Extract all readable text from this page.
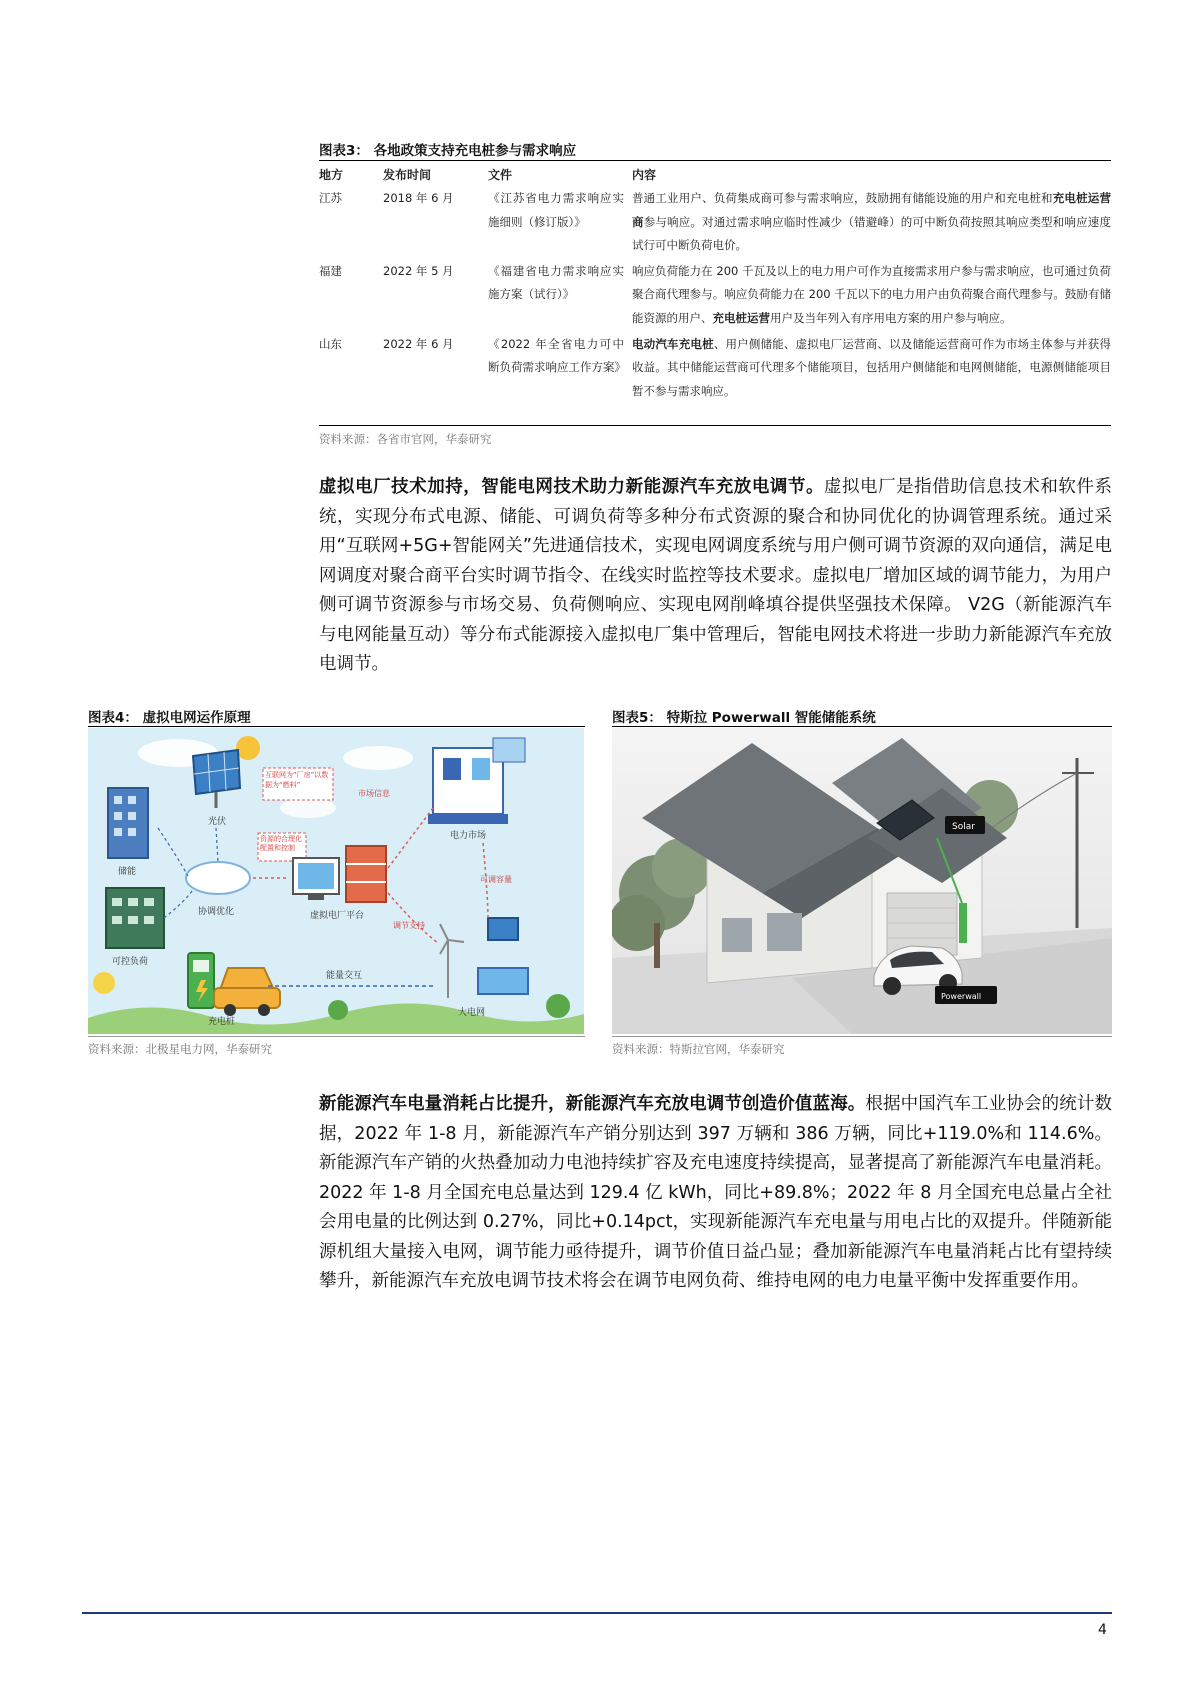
图表3： 各地政策支持充电桩参与需求响应
地方	发布时间	文件	内容
江苏	2018 年 6 月	《江苏省电力需求响应实施细则（修订版）》	普通工业用户、负荷集成商可参与需求响应，鼓励拥有储能设施的用户和充电桩和充电桩运营商参与响应。对通过需求响应临时性减少（错避峰）的可中断负荷按照其响应类型和响应速度试行可中断负荷电价。
福建	2022 年 5 月	《福建省电力需求响应实施方案（试行）》	响应负荷能力在 200 千瓦及以上的电力用户可作为直接需求用户参与需求响应，也可通过负荷聚合商代理参与。响应负荷能力在 200 千瓦以下的电力用户由负荷聚合商代理参与。鼓励有储能资源的用户、充电桩运营用户及当年列入有序用电方案的用户参与响应。
山东	2022 年 6 月	《2022 年全省电力可中断负荷需求响应工作方案》	电动汽车充电桩、用户侧储能、虚拟电厂运营商、以及储能运营商可作为市场主体参与并获得收益。其中储能运营商可代理多个储能项目，包括用户侧储能和电网侧储能，电源侧储能项目暂不参与需求响应。
资料来源：各省市官网，华泰研究
虚拟电厂技术加持，智能电网技术助力新能源汽车充放电调节。虚拟电厂是指借助信息技术和软件系统，实现分布式电源、储能、可调负荷等多种分布式资源的聚合和协同优化的协调管理系统。通过采用“互联网+5G+智能网关”先进通信技术，实现电网调度系统与用户侧可调节资源的双向通信，满足电网调度对聚合商平台实时调节指令、在线实时监控等技术要求。虚拟电厂增加区域的调节能力，为用户侧可调节资源参与市场交易、负荷侧响应、实现电网削峰填谷提供坚强技术保障。 V2G（新能源汽车与电网能量互动）等分布式能源接入虚拟电厂集中管理后，智能电网技术将进一步助力新能源汽车充放电调节。
图表4： 虚拟电网运作原理
光伏
储能
可控负荷
充电桩
协调优化
互联网为“厂房”以数据为“燃料”
资源的合理化配置和控制
虚拟电厂平台
电力市场
市场信息
调节支持
可调容量
大电网
能量交互
资料来源：北极星电力网，华泰研究
图表5： 特斯拉 Powerwall 智能储能系统
Solar
Powerwall
资料来源：特斯拉官网，华泰研究
新能源汽车电量消耗占比提升，新能源汽车充放电调节创造价值蓝海。根据中国汽车工业协会的统计数据，2022 年 1-8 月，新能源汽车产销分别达到 397 万辆和 386 万辆，同比+119.0%和 114.6%。新能源汽车产销的火热叠加动力电池持续扩容及充电速度持续提高，显著提高了新能源汽车电量消耗。2022 年 1-8 月全国充电总量达到 129.4 亿 kWh，同比+89.8%；2022 年 8 月全国充电总量占全社会用电量的比例达到 0.27%，同比+0.14pct，实现新能源汽车充电量与用电占比的双提升。伴随新能源机组大量接入电网，调节能力亟待提升，调节价值日益凸显；叠加新能源汽车电量消耗占比有望持续攀升，新能源汽车充放电调节技术将会在调节电网负荷、维持电网的电力电量平衡中发挥重要作用。
4
